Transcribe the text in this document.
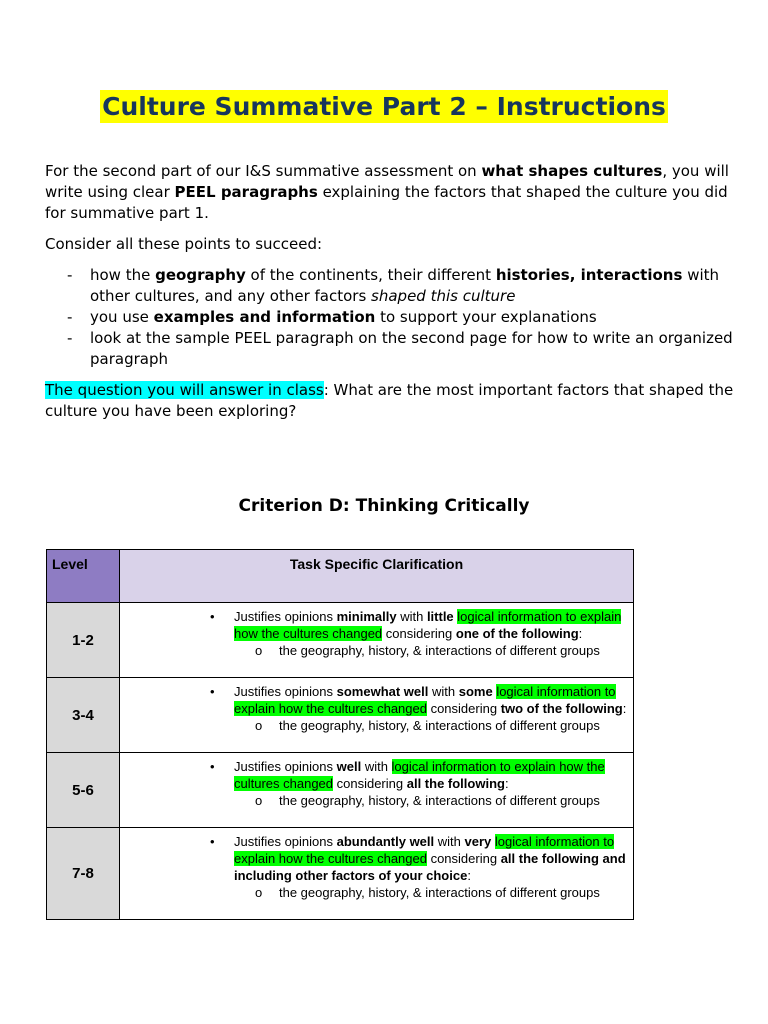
Culture Summative Part 2 – Instructions
For the second part of our I&S summative assessment on what shapes cultures, you will write using clear PEEL paragraphs explaining the factors that shaped the culture you did for summative part 1.
Consider all these points to succeed:
- how the geography of the continents, their different histories, interactions with other cultures, and any other factors shaped this culture
- you use examples and information to support your explanations
- look at the sample PEEL paragraph on the second page for how to write an organized paragraph
The question you will answer in class: What are the most important factors that shaped the culture you have been exploring?
Criterion D: Thinking Critically
Level	Task Specific Clarification
1-2	• Justifies opinions minimally with little logical information to explain how the cultures changed considering one of the following:
o the geography, history, & interactions of different groups

3-4	• Justifies opinions somewhat well with some logical information to explain how the cultures changed considering two of the following:
o the geography, history, & interactions of different groups

5-6	• Justifies opinions well with logical information to explain how the cultures changed considering all the following:
o the geography, history, & interactions of different groups

7-8	• Justifies opinions abundantly well with very logical information to explain how the cultures changed considering all the following and including other factors of your choice:
o the geography, history, & interactions of different groups
